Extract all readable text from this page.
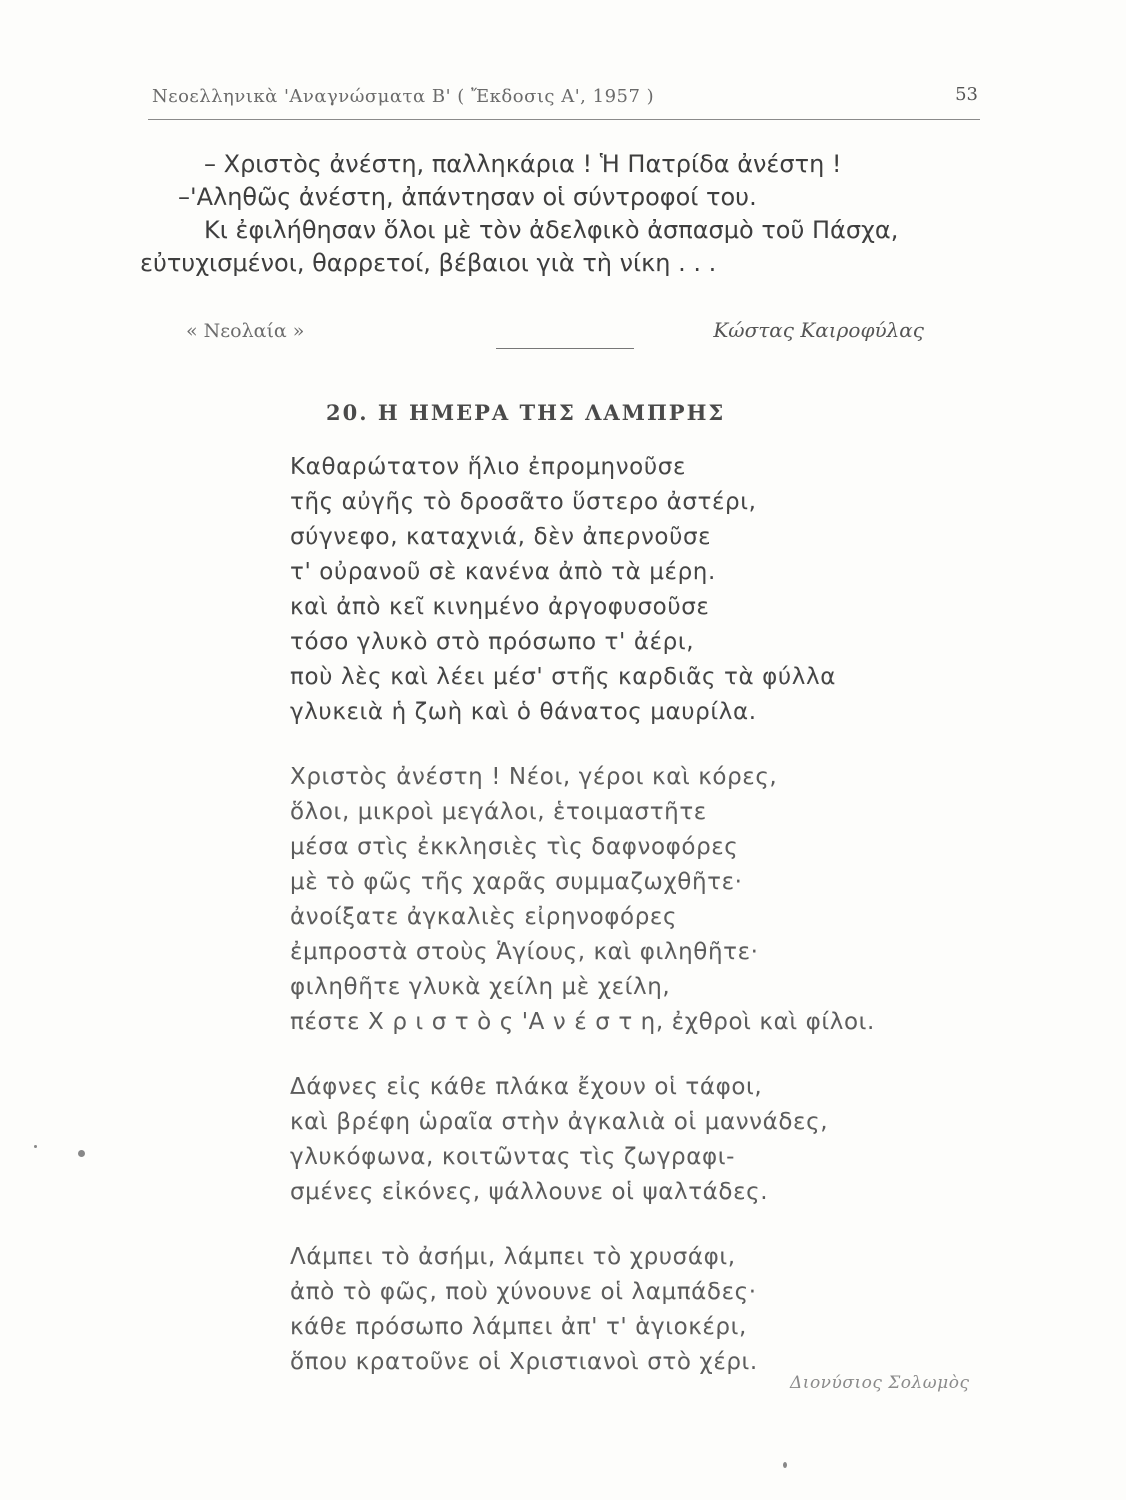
Νεοελληνικὰ 'Αναγνώσματα Β' ( Ἔκδοσις Α', 1957 )	53
– Χριστὸς ἀνέστη, παλληκάρια ! Ἡ Πατρίδα ἀνέστη !
–'Αληθῶς ἀνέστη, ἀπάντησαν οἱ σύντροφοί του.
Κι ἐφιλήθησαν ὅλοι μὲ τὸν ἀδελφικὸ ἀσπασμὸ τοῦ Πάσχα,
εὐτυχισμένοι, θαρρετοί, βέβαιοι γιὰ τὴ νίκη . . .
« Νεολαία »	Κώστας Καιροφύλας
20. Η ΗΜΕΡΑ ΤΗΣ ΛΑΜΠΡΗΣ
Καθαρώτατον ἥλιο ἐπρομηνοῦσε
τῆς αὐγῆς τὸ δροσᾶτο ὕστερο ἀστέρι,
σύγνεφο, καταχνιά, δὲν ἀπερνοῦσε
τ' οὐρανοῦ σὲ κανένα ἀπὸ τὰ μέρη.
καὶ ἀπὸ κεῖ κινημένο ἀργοφυσοῦσε
τόσο γλυκὸ στὸ πρόσωπο τ' ἀέρι,
ποὺ λὲς καὶ λέει μέσ' στῆς καρδιᾶς τὰ φύλλα
γλυκειὰ ἡ ζωὴ καὶ ὁ θάνατος μαυρίλα.
Χριστὸς ἀνέστη ! Νέοι, γέροι καὶ κόρες,
ὅλοι, μικροὶ μεγάλοι, ἑτοιμαστῆτε
μέσα στὶς ἐκκλησιὲς τὶς δαφνοφόρες
μὲ τὸ φῶς τῆς χαρᾶς συμμαζωχθῆτε·
ἀνοίξατε ἀγκαλιὲς εἰρηνοφόρες
ἐμπροστὰ στοὺς Ἁγίους, καὶ φιληθῆτε·
φιληθῆτε γλυκὰ χείλη μὲ χείλη,
πέστε Χ ρ ι σ τ ὸ ς 'Α ν έ σ τ η, ἐχθροὶ καὶ φίλοι.
Δάφνες εἰς κάθε πλάκα ἔχουν οἱ τάφοι,
καὶ βρέφη ὡραῖα στὴν ἀγκαλιὰ οἱ μαννάδες,
γλυκόφωνα, κοιτῶντας τὶς ζωγραφι-
σμένες εἰκόνες, ψάλλουνε οἱ ψαλτάδες.
Λάμπει τὸ ἀσήμι, λάμπει τὸ χρυσάφι,
ἀπὸ τὸ φῶς, ποὺ χύνουνε οἱ λαμπάδες·
κάθε πρόσωπο λάμπει ἀπ' τ' ἁγιοκέρι,
ὅπου κρατοῦνε οἱ Χριστιανοὶ στὸ χέρι.
Διονύσιος Σολωμὸς
